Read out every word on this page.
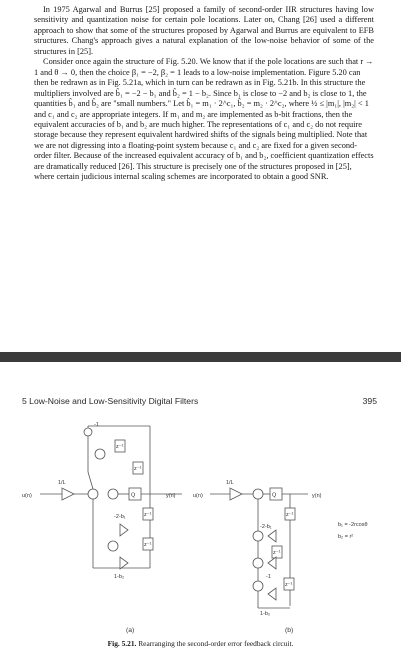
In 1975 Agarwal and Burrus [25] proposed a family of second-order IIR structures having low sensitivity and quantization noise for certain pole locations. Later on, Chang [26] used a different approach to show that some of the structures proposed by Agarwal and Burrus are equivalent to EFB structures. Chang's approach gives a natural explanation of the low-noise behavior of some of the structures in [25].

Consider once again the structure of Fig. 5.20. We know that if the pole locations are such that r → 1 and θ → 0, then the choice β₁ = −2, β₂ = 1 leads to a low-noise implementation. Figure 5.20 can then be redrawn as in Fig. 5.21a, which in turn can be redrawn as in Fig. 5.21b. In this structure the multipliers involved are b̂₁ = −2 − b₁ and b̂₂ = 1 − b₂. Since b₁ is close to −2 and b₂ is close to 1, the quantities b̂₁ and b̂₂ are "small numbers." Let b̂₁ = m₁ · 2^c₁, b̂₂ = m₂ · 2^c₂, where ½ ≤ |m₁|, |m₂| < 1 and c₁ and c₂ are appropriate integers. If m₁ and m₂ are implemented as b-bit fractions, then the equivalent accuracies of b₁ and b₂ are much higher. The representations of c₁ and c₂ do not require storage because they represent equivalent hardwired shifts of the signals being multiplied. Note that we are not digressing into a floating-point system because c₁ and c₂ are fixed for a given second-order filter. Because of the increased equivalent accuracy of b₁ and b₂, coefficient quantization effects are dramatically reduced [26]. This structure is precisely one of the structures proposed in [25], where certain judicious internal scaling schemes are incorporated to obtain a good SNR.

5 Low-Noise and Low-Sensitivity Digital Filters	395
u(n)
1/L
Q	y(n)
z⁻¹
z⁻¹
z⁻¹
z⁻¹
-2-b₁
1-b₂
-1
u(n)
1/L
Q	y(n)
z⁻¹
z⁻¹
z⁻¹
-2-b₁
-1
1-b₂
b₁ = -2rcosθ
b₂ = r²
(a)	(b)
Fig. 5.21. Rearranging the second-order error feedback circuit.
